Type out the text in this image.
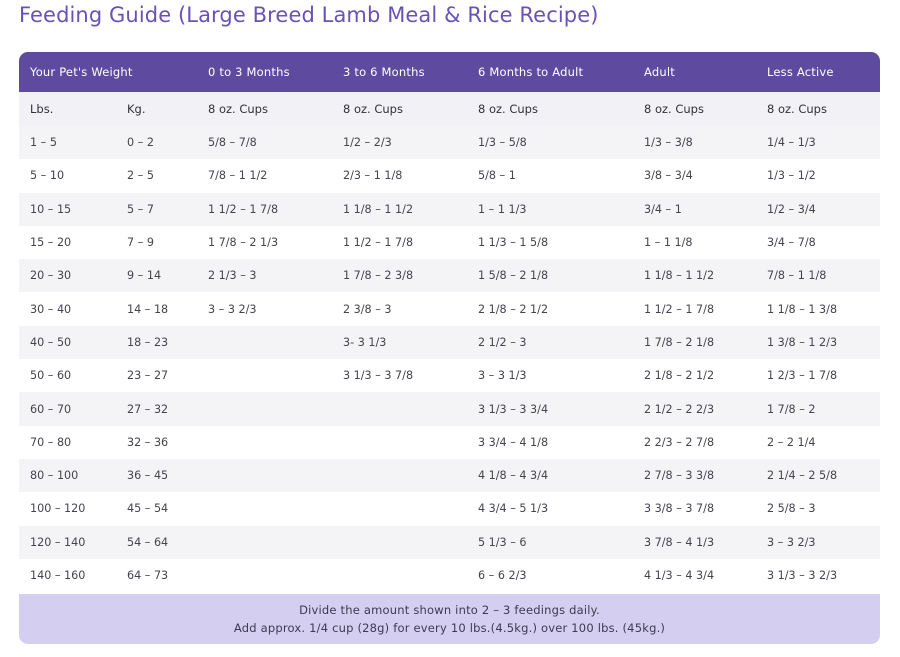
Feeding Guide (Large Breed Lamb Meal & Rice Recipe)
Your Pet's Weight		0 to 3 Months	3 to 6 Months	6 Months to Adult	Adult	Less Active
Lbs.	Kg.	8 oz. Cups	8 oz. Cups	8 oz. Cups	8 oz. Cups	8 oz. Cups
1 – 5	0 – 2	5/8 – 7/8	1/2 – 2/3	1/3 – 5/8	1/3 – 3/8	1/4 – 1/3
5 – 10	2 – 5	7/8 – 1 1/2	2/3 – 1 1/8	5/8 – 1	3/8 – 3/4	1/3 – 1/2
10 – 15	5 – 7	1 1/2 – 1 7/8	1 1/8 – 1 1/2	1 – 1 1/3	3/4 – 1	1/2 – 3/4
15 – 20	7 – 9	1 7/8 – 2 1/3	1 1/2 – 1 7/8	1 1/3 – 1 5/8	1 – 1 1/8	3/4 – 7/8
20 – 30	9 – 14	2 1/3 – 3	1 7/8 – 2 3/8	1 5/8 – 2 1/8	1 1/8 – 1 1/2	7/8 – 1 1/8
30 – 40	14 – 18	3 – 3 2/3	2 3/8 – 3	2 1/8 – 2 1/2	1 1/2 – 1 7/8	1 1/8 – 1 3/8
40 – 50	18 – 23		3- 3 1/3	2 1/2 – 3	1 7/8 – 2 1/8	1 3/8 – 1 2/3
50 – 60	23 – 27		3 1/3 – 3 7/8	3 – 3 1/3	2 1/8 – 2 1/2	1 2/3 – 1 7/8
60 – 70	27 – 32			3 1/3 – 3 3/4	2 1/2 – 2 2/3	1 7/8 – 2
70 – 80	32 – 36			3 3/4 – 4 1/8	2 2/3 – 2 7/8	2 – 2 1/4
80 – 100	36 – 45			4 1/8 – 4 3/4	2 7/8 – 3 3/8	2 1/4 – 2 5/8
100 – 120	45 – 54			4 3/4 – 5 1/3	3 3/8 – 3 7/8	2 5/8 – 3
120 – 140	54 – 64			5 1/3 – 6	3 7/8 – 4 1/3	3 – 3 2/3
140 – 160	64 – 73			6 – 6 2/3	4 1/3 – 4 3/4	3 1/3 – 3 2/3
Divide the amount shown into 2 – 3 feedings daily.
Add approx. 1/4 cup (28g) for every 10 lbs.(4.5kg.) over 100 lbs. (45kg.)
